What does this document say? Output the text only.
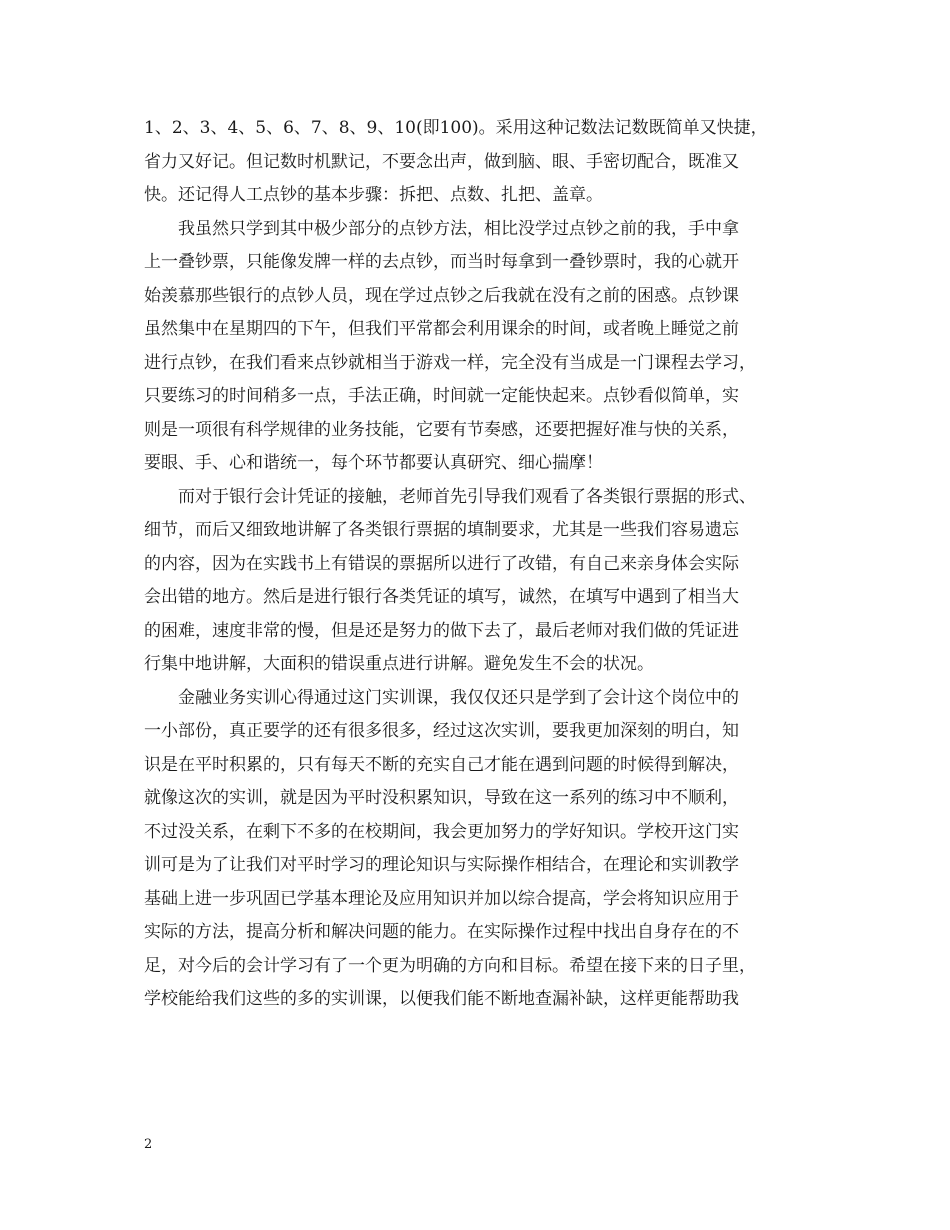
1、2、3、4、5、6、7、8、9、10(即100)。采用这种记数法记数既简单又快捷，
省力又好记。但记数时机默记，不要念出声，做到脑、眼、手密切配合，既准又
快。还记得人工点钞的基本步骤：拆把、点数、扎把、盖章。
我虽然只学到其中极少部分的点钞方法，相比没学过点钞之前的我，手中拿
上一叠钞票，只能像发牌一样的去点钞，而当时每拿到一叠钞票时，我的心就开
始羡慕那些银行的点钞人员，现在学过点钞之后我就在没有之前的困惑。点钞课
虽然集中在星期四的下午，但我们平常都会利用课余的时间，或者晚上睡觉之前
进行点钞，在我们看来点钞就相当于游戏一样，完全没有当成是一门课程去学习，
只要练习的时间稍多一点，手法正确，时间就一定能快起来。点钞看似简单，实
则是一项很有科学规律的业务技能，它要有节奏感，还要把握好准与快的关系，
要眼、手、心和谐统一，每个环节都要认真研究、细心揣摩！
而对于银行会计凭证的接触，老师首先引导我们观看了各类银行票据的形式、
细节，而后又细致地讲解了各类银行票据的填制要求，尤其是一些我们容易遗忘
的内容，因为在实践书上有错误的票据所以进行了改错，有自己来亲身体会实际
会出错的地方。然后是进行银行各类凭证的填写，诚然，在填写中遇到了相当大
的困难，速度非常的慢，但是还是努力的做下去了，最后老师对我们做的凭证进
行集中地讲解，大面积的错误重点进行讲解。避免发生不会的状况。
金融业务实训心得通过这门实训课，我仅仅还只是学到了会计这个岗位中的
一小部份，真正要学的还有很多很多，经过这次实训，要我更加深刻的明白，知
识是在平时积累的，只有每天不断的充实自己才能在遇到问题的时候得到解决，
就像这次的实训，就是因为平时没积累知识，导致在这一系列的练习中不顺利，
不过没关系，在剩下不多的在校期间，我会更加努力的学好知识。学校开这门实
训可是为了让我们对平时学习的理论知识与实际操作相结合，在理论和实训教学
基础上进一步巩固已学基本理论及应用知识并加以综合提高，学会将知识应用于
实际的方法，提高分析和解决问题的能力。在实际操作过程中找出自身存在的不
足，对今后的会计学习有了一个更为明确的方向和目标。希望在接下来的日子里，
学校能给我们这些的多的实训课，以便我们能不断地查漏补缺，这样更能帮助我
2
